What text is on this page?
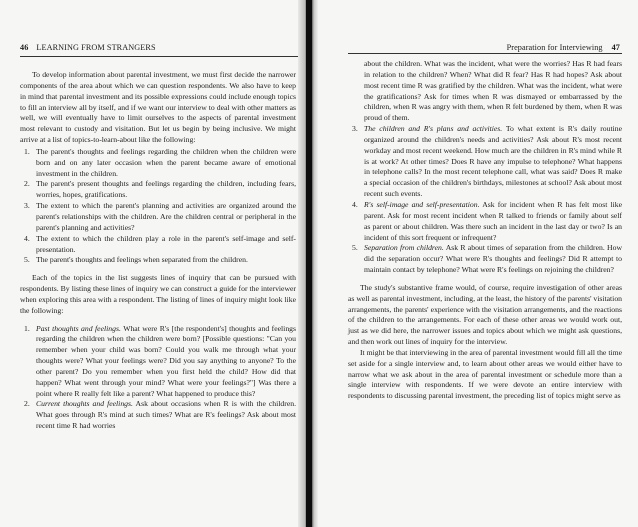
46 LEARNING FROM STRANGERS

To develop information about parental investment, we must first decide the narrower components of the area about which we can question respondents. We also have to keep in mind that parental investment and its possible expressions could include enough topics to fill an interview all by itself, and if we want our interview to deal with other matters as well, we will eventually have to limit ourselves to the aspects of parental investment most relevant to custody and visitation. But let us begin by being inclusive. We might arrive at a list of topics-to-learn-about like the following:

1. The parent's thoughts and feelings regarding the children when the children were born and on any later occasion when the parent became aware of emotional investment in the children.
2. The parent's present thoughts and feelings regarding the children, including fears, worries, hopes, gratifications.
3. The extent to which the parent's planning and activities are organized around the parent's relationships with the children. Are the children central or peripheral in the parent's planning and activities?
4. The extent to which the children play a role in the parent's self-image and self-presentation.
5. The parent's thoughts and feelings when separated from the children.

Each of the topics in the list suggests lines of inquiry that can be pursued with respondents. By listing these lines of inquiry we can construct a guide for the interviewer when exploring this area with a respondent. The listing of lines of inquiry might look like the following:

1. Past thoughts and feelings. What were R's [the respondent's] thoughts and feelings regarding the children when the children were born? [Possible questions: "Can you remember when your child was born? Could you walk me through what your thoughts were? What your feelings were? Did you say anything to anyone? To the other parent? Do you remember when you first held the child? How did that happen? What went through your mind? What were your feelings?"] Was there a point where R really felt like a parent? What happened to produce this?
2. Current thoughts and feelings. Ask about occasions when R is with the children. What goes through R's mind at such times? What are R's feelings? Ask about most recent time R had worries
Preparation for Interviewing 47

about the children. What was the incident, what were the worries? Has R had fears in relation to the children? When? What did R fear? Has R had hopes? Ask about most recent time R was gratified by the children. What was the incident, what were the gratifications? Ask for times when R was dismayed or embarrassed by the children, when R was angry with them, when R felt burdened by them, when R was proud of them.

3. The children and R's plans and activities. To what extent is R's daily routine organized around the children's needs and activities? Ask about R's most recent workday and most recent weekend. How much are the children in R's mind while R is at work? At other times? Does R have any impulse to telephone? What happens in telephone calls? In the most recent telephone call, what was said? Does R make a special occasion of the children's birthdays, milestones at school? Ask about most recent such events.
4. R's self-image and self-presentation. Ask for incident when R has felt most like parent. Ask for most recent incident when R talked to friends or family about self as parent or about children. Was there such an incident in the last day or two? Is an incident of this sort frequent or infrequent?
5. Separation from children. Ask R about times of separation from the children. How did the separation occur? What were R's thoughts and feelings? Did R attempt to maintain contact by telephone? What were R's feelings on rejoining the children?

The study's substantive frame would, of course, require investigation of other areas as well as parental investment, including, at the least, the history of the parents' visitation arrangements, the parents' experience with the visitation arrangements, and the reactions of the children to the arrangements. For each of these other areas we would work out, just as we did here, the narrower issues and topics about which we might ask questions, and then work out lines of inquiry for the interview.

It might be that interviewing in the area of parental investment would fill all the time set aside for a single interview and, to learn about other areas we would either have to narrow what we ask about in the area of parental investment or schedule more than a single interview with respondents. If we were devote an entire interview with respondents to discussing parental investment, the preceding list of topics might serve as
